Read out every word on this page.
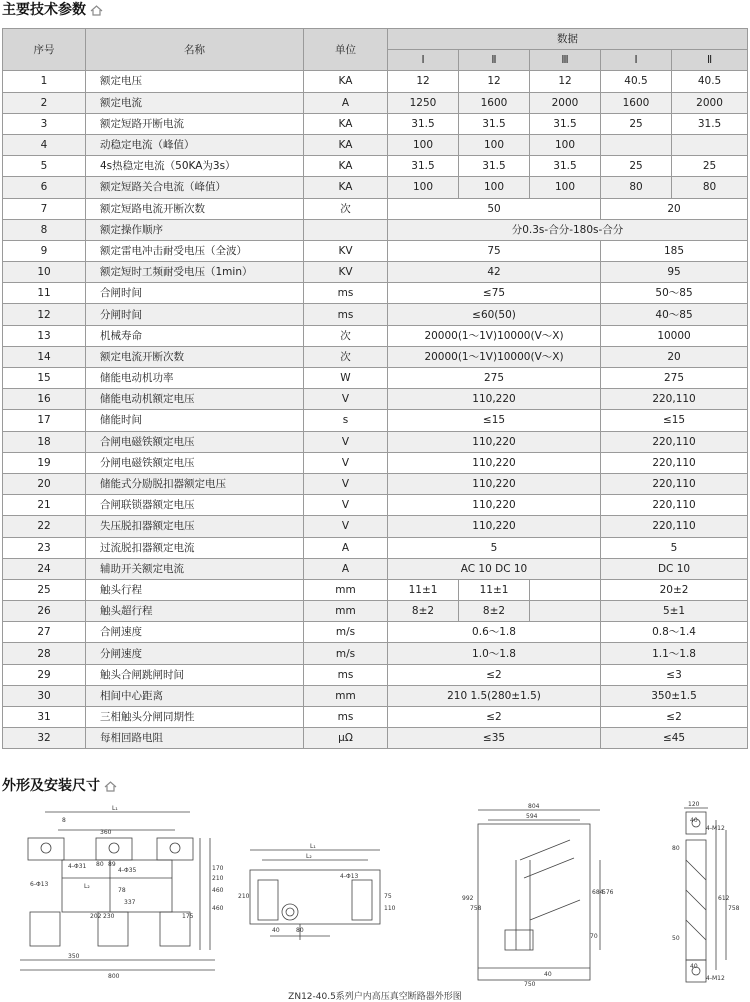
主要技术参数
序号	名称	单位	数据				
			Ⅰ	Ⅱ	Ⅲ	Ⅰ	Ⅱ
1	额定电压	KA	12	12	12	40.5	40.5
2	额定电流	A	1250	1600	2000	1600	2000
3	额定短路开断电流	KA	31.5	31.5	31.5	25	31.5
4	动稳定电流（峰值）	KA	100	100	100		
5	4s热稳定电流（50KA为3s）	KA	31.5	31.5	31.5	25	25
6	额定短路关合电流（峰值）	KA	100	100	100	80	80
7	额定短路电流开断次数	次	50			20	
8	额定操作顺序		分0.3s-合分-180s-合分				
9	额定雷电冲击耐受电压（全波）	KV	75			185	
10	额定短时工频耐受电压（1min）	KV	42			95	
11	合闸时间	ms	≤75			50～85	
12	分闸时间	ms	≤60(50)			40～85	
13	机械寿命	次	20000(1～1V)10000(V～X)			10000	
14	额定电流开断次数	次	20000(1～1V)10000(V～X)			20	
15	储能电动机功率	W	275			275	
16	储能电动机额定电压	V	110,220			220,110	
17	储能时间	s	≤15			≤15	
18	合闸电磁铁额定电压	V	110,220			220,110	
19	分闸电磁铁额定电压	V	110,220			220,110	
20	储能式分励脱扣器额定电压	V	110,220			220,110	
21	合闸联锁器额定电压	V	110,220			220,110	
22	失压脱扣器额定电压	V	110,220			220,110	
23	过流脱扣器额定电流	A	5			5	
24	辅助开关额定电流	A	AC 10 DC 10			DC 10	
25	触头行程	mm	11±1	11±1		20±2	
26	触头超行程	mm	8±2	8±2		5±1	
27	合闸速度	m/s	0.6～1.8			0.8～1.4	
28	分闸速度	m/s	1.0～1.8			1.1～1.8	
29	触头合闸跳闸时间	ms	≤2			≤3	
30	相间中心距离	mm	210 1.5(280±1.5)			350±1.5	
31	三相触头分闸同期性	ms	≤2			≤2	
32	每相回路电阻	μΩ	≤35			≤45	
外形及安装尺寸
L₁
360
4-Φ31 80 89
4-Φ35
6-Φ13	L₂
78
202 230
337
175
170
210
460
460
8
350
800
L₁
L₂
4-Φ13
210
110
75
40	80
804
594
992
758
684
576
70
40
750
120
40
4-M12
80
612
758
50
40
4-M12
ZN12-40.5系列户内高压真空断路器外形图
